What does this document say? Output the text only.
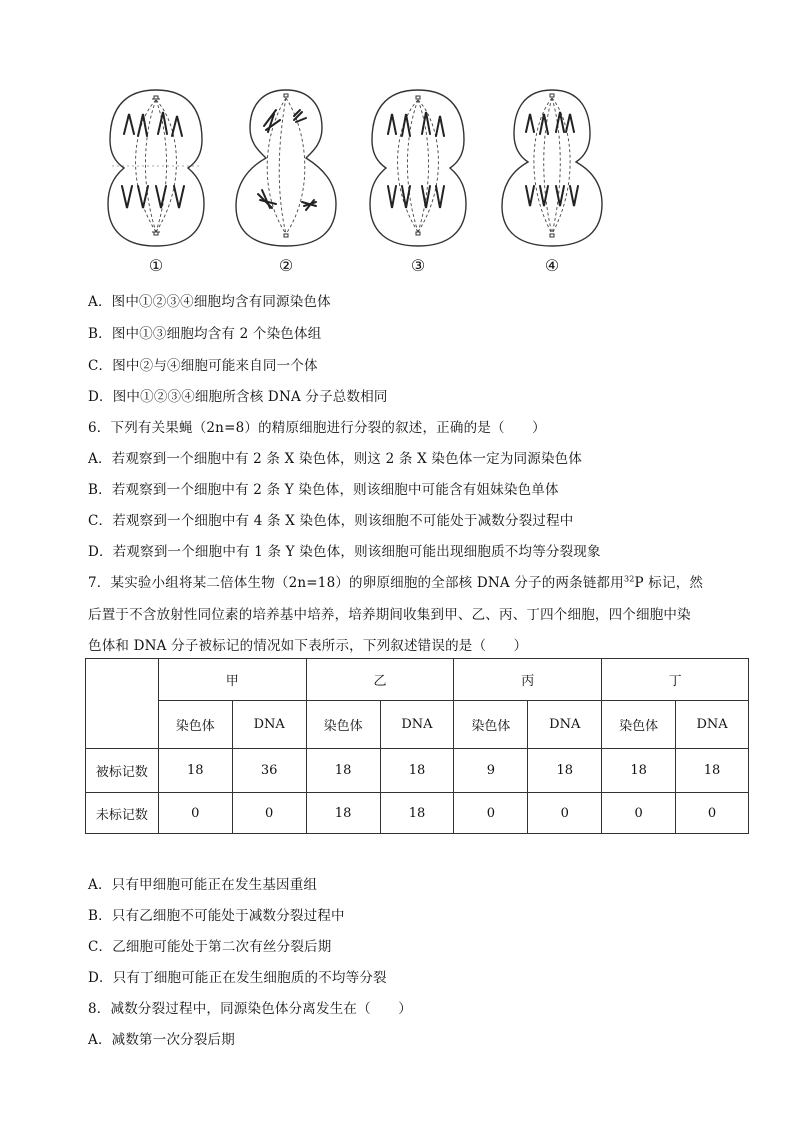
①	②	③	④
A．图中①②③④细胞均含有同源染色体
B．图中①③细胞均含有 2 个染色体组
C．图中②与④细胞可能来自同一个体
D．图中①②③④细胞所含核 DNA 分子总数相同
6．下列有关果蝇（2n=8）的精原细胞进行分裂的叙述，正确的是（　　）
A．若观察到一个细胞中有 2 条 X 染色体，则这 2 条 X 染色体一定为同源染色体
B．若观察到一个细胞中有 2 条 Y 染色体，则该细胞中可能含有姐妹染色单体
C．若观察到一个细胞中有 4 条 X 染色体，则该细胞不可能处于减数分裂过程中
D．若观察到一个细胞中有 1 条 Y 染色体，则该细胞可能出现细胞质不均等分裂现象
7．某实验小组将某二倍体生物（2n=18）的卵原细胞的全部核 DNA 分子的两条链都用$^{32}$P 标记，然
后置于不含放射性同位素的培养基中培养，培养期间收集到甲、乙、丙、丁四个细胞，四个细胞中染
色体和 DNA 分子被标记的情况如下表所示，下列叙述错误的是（　　）
	甲		乙		丙		丁	
	染色体	DNA	染色体	DNA	染色体	DNA	染色体	DNA
被标记数	18	36	18	18	9	18	18	18
未标记数	0	0	18	18	0	0	0	0
A．只有甲细胞可能正在发生基因重组
B．只有乙细胞不可能处于减数分裂过程中
C．乙细胞可能处于第二次有丝分裂后期
D．只有丁细胞可能正在发生细胞质的不均等分裂
8．减数分裂过程中，同源染色体分离发生在（　　）
A．减数第一次分裂后期
